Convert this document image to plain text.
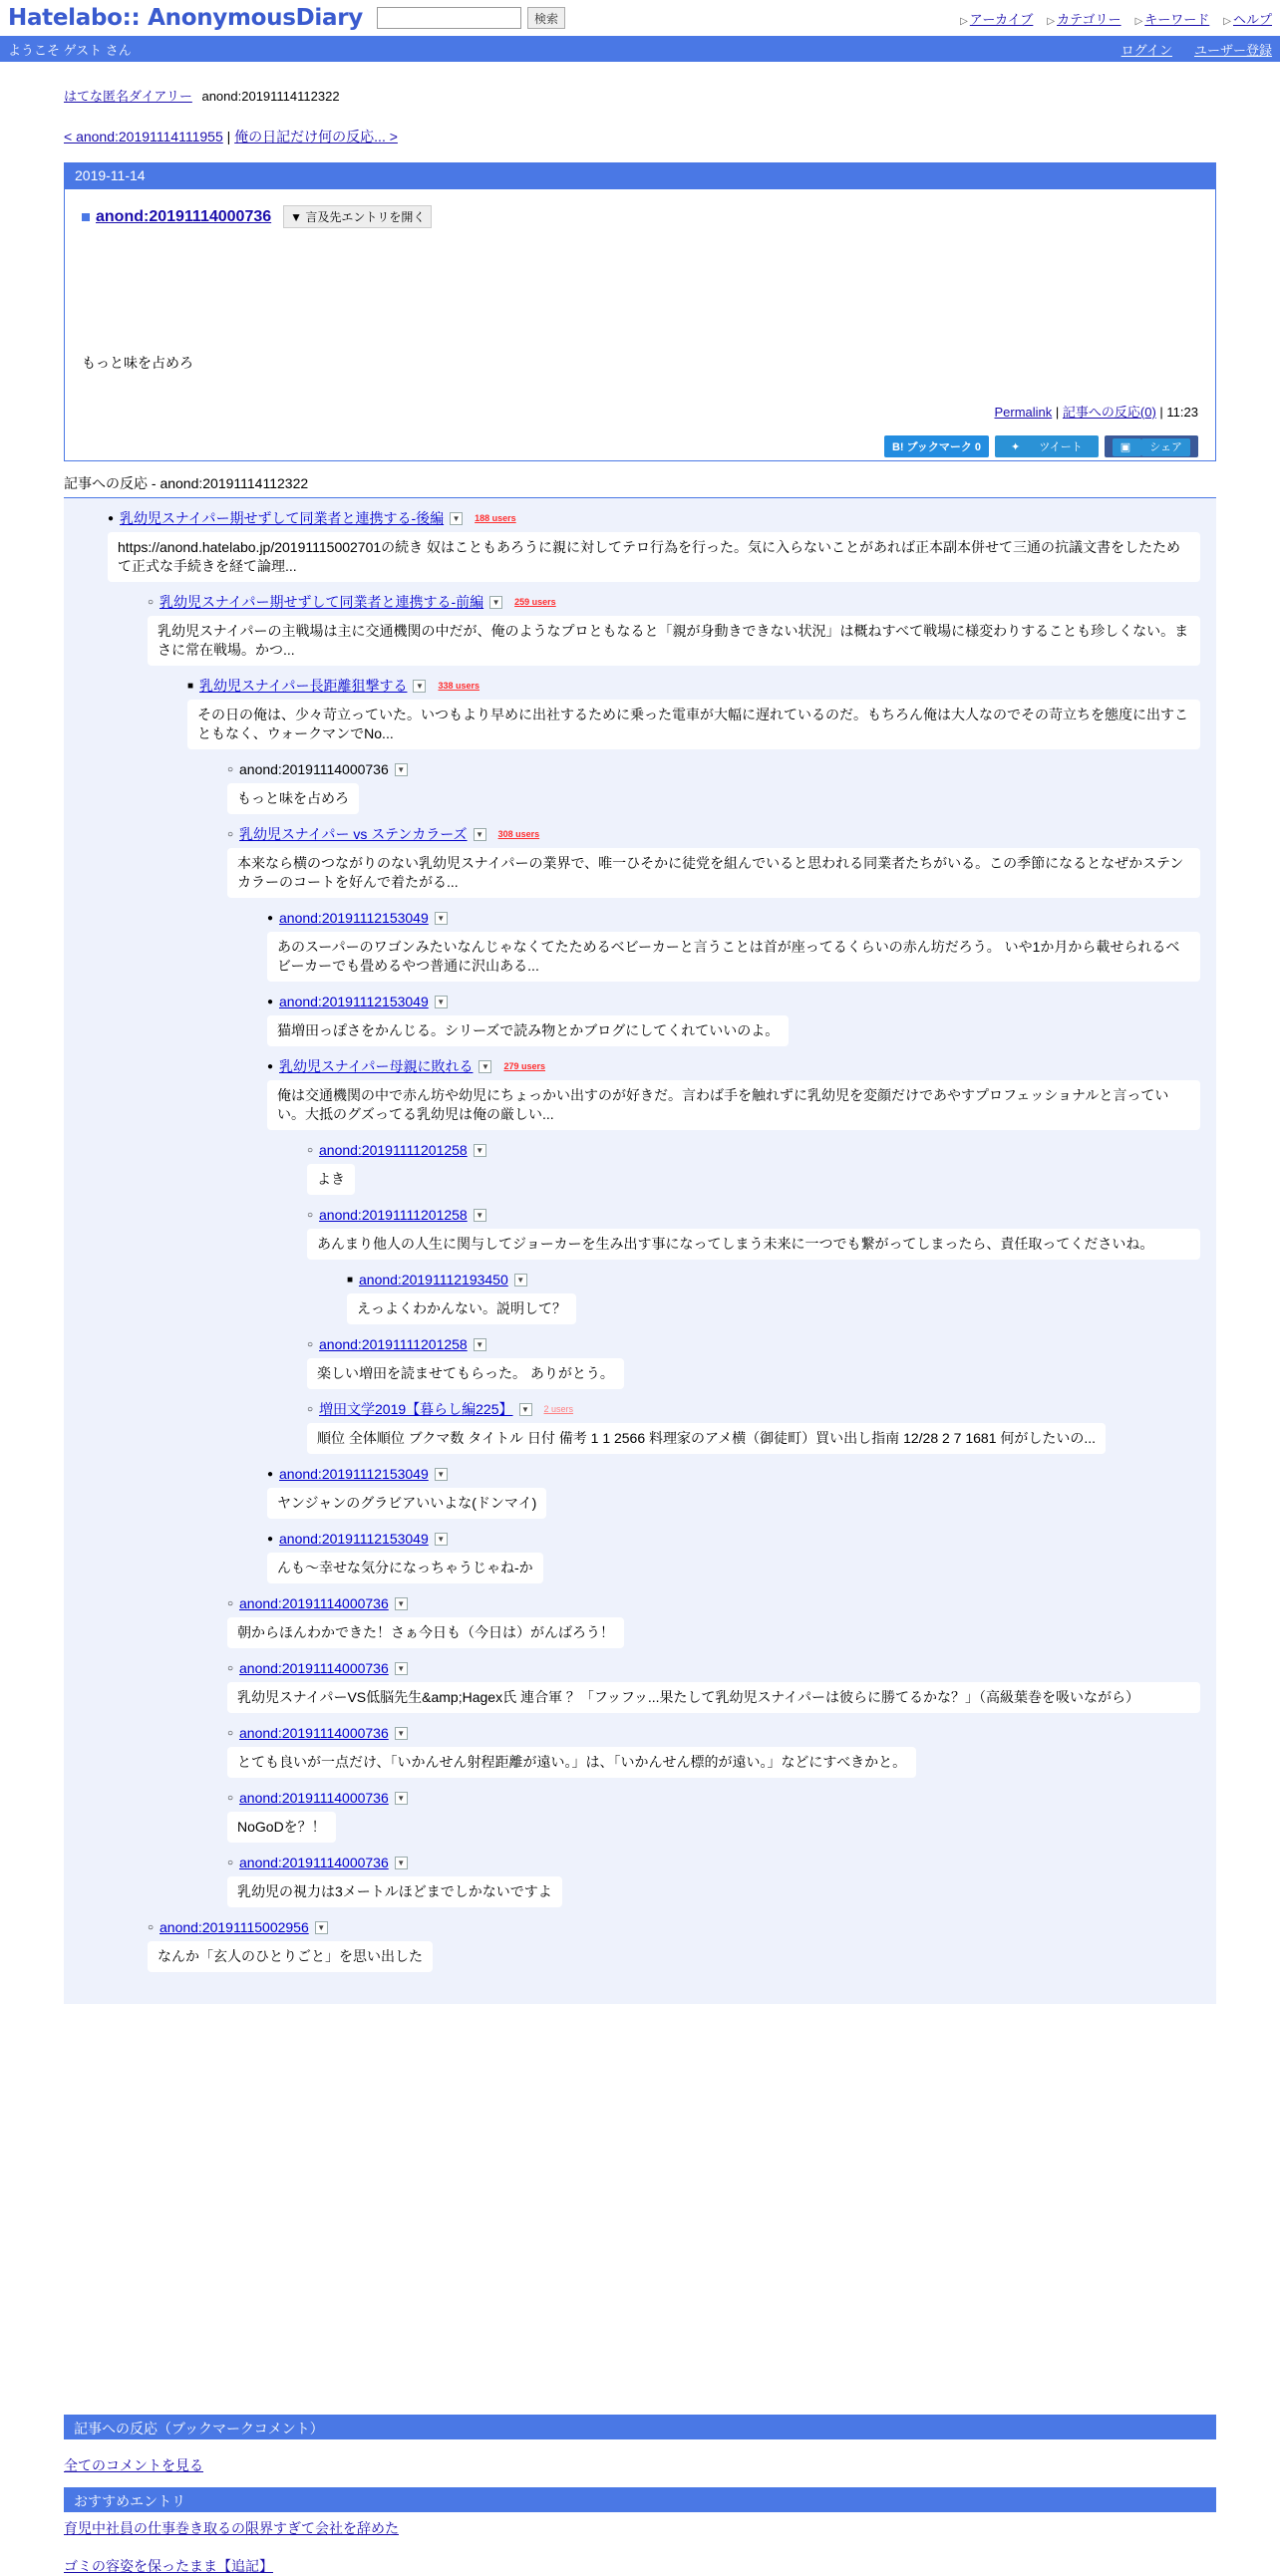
Hatelabo:: AnonymousDiary	検索	▷ アーカイブ ▷ カテゴリー ▷ キーワード ▷ ヘルプ
ようこそ ゲスト さん	ログイン ユーザー登録
はてな匿名ダイアリー anond:20191114112322
< anond:20191114111955 | 俺の日記だけ何の反応... >
2019-11-14
anond:20191114000736	▼ 言及先エントリを開く
もっと味を占めろ
Permalink | 記事への反応(0) | 11:23
B! ブックマーク 0	✦ ツイート	▣ シェア
記事への反応 - anond:20191114112322
● 乳幼児スナイパー期せずして同業者と連携する-後編	▼ 188 users
https://anond.hatelabo.jp/20191115002701の続き 奴はこともあろうに親に対してテロ行為を行った。気に入らないことがあれば正本副本併せて三通の抗議文書をしたためて正式な手続きを経て論理...
○ 乳幼児スナイパー期せずして同業者と連携する-前編	▼ 259 users
乳幼児スナイパーの主戦場は主に交通機関の中だが、俺のようなプロともなると「親が身動きできない状況」は概ねすべて戦場に様変わりすることも珍しくない。まさに常在戦場。かつ...
■ 乳幼児スナイパー長距離狙撃する	▼ 338 users
その日の俺は、少々苛立っていた。いつもより早めに出社するために乗った電車が大幅に遅れているのだ。もちろん俺は大人なのでその苛立ちを態度に出すこともなく、ウォークマンでNo...
○ anond:20191114000736	▼
もっと味を占めろ
○ 乳幼児スナイパー vs ステンカラーズ	▼ 308 users
本来なら横のつながりのない乳幼児スナイパーの業界で、唯一ひそかに徒党を組んでいると思われる同業者たちがいる。この季節になるとなぜかステンカラーのコートを好んで着たがる...
● anond:20191112153049	▼
あのスーパーのワゴンみたいなんじゃなくてたためるベビーカーと言うことは首が座ってるくらいの赤ん坊だろう。 いや1か月から載せられるベビーカーでも畳めるやつ普通に沢山ある...
● anond:20191112153049	▼
猫増田っぽさをかんじる。シリーズで読み物とかブログにしてくれていいのよ。
● 乳幼児スナイパー母親に敗れる	▼ 279 users
俺は交通機関の中で赤ん坊や幼児にちょっかい出すのが好きだ。言わば手を触れずに乳幼児を変顔だけであやすプロフェッショナルと言っていい。大抵のグズってる乳幼児は俺の厳しい...
○ anond:20191111201258	▼
よき
○ anond:20191111201258	▼
あんまり他人の人生に関与してジョーカーを生み出す事になってしまう未来に一つでも繋がってしまったら、責任取ってくださいね。
■ anond:20191112193450	▼
えっよくわかんない。説明して？
○ anond:20191111201258	▼
楽しい増田を読ませてもらった。 ありがとう。
○ 増田文学2019【暮らし編225】	▼ 2 users
順位 全体順位 ブクマ数 タイトル 日付 備考 1 1 2566 料理家のアメ横（御徒町）買い出し指南 12/28 2 7 1681 何がしたいの...
● anond:20191112153049	▼
ヤンジャンのグラビアいいよな(ドンマイ)
● anond:20191112153049	▼
んも～幸せな気分になっちゃうじゃね-か
○ anond:20191114000736	▼
朝からほんわかできた！さぁ今日も（今日は）がんばろう！
○ anond:20191114000736	▼
乳幼児スナイパーVS低脳先生&amp;Hagex氏 連合軍 ？「フッフッ...果たして乳幼児スナイパーは彼らに勝てるかな？」（高級葉巻を吸いながら）
○ anond:20191114000736	▼
とても良いが一点だけ、「いかんせん射程距離が遠い。」は、「いかんせん標的が遠い。」などにすべきかと。
○ anond:20191114000736	▼
NoGoDを？！
○ anond:20191114000736	▼
乳幼児の視力は3メートルほどまでしかないですよ
○ anond:20191115002956	▼
なんか「玄人のひとりごと」を思い出した
記事への反応（ブックマークコメント）
全てのコメントを見る
おすすめエントリ
育児中社員の仕事巻き取るの限界すぎて会社を辞めた
ゴミの容姿を保ったまま【追記】
